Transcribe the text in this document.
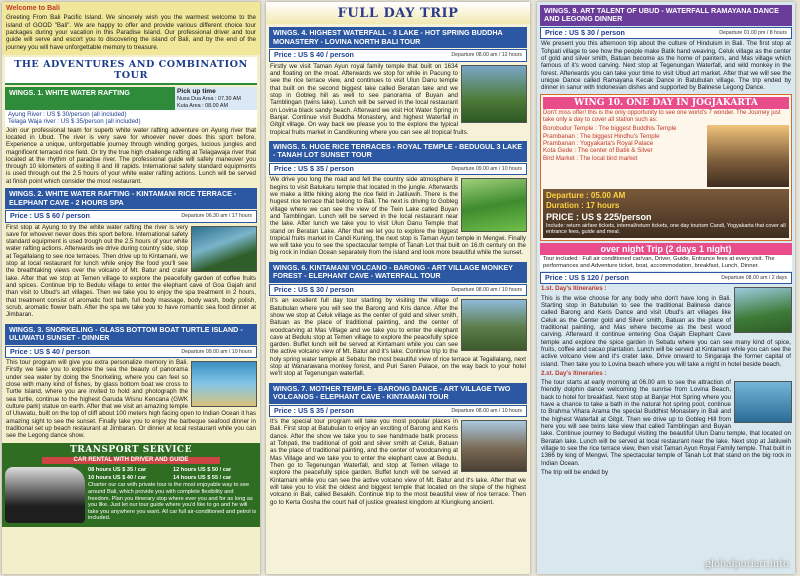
Welcome to Bali
Greeting From Bali Pacific Island. We sincerely wish you the warmest welcome to the island of GOOD "Bali". We are happy to offer and provide various different choice tour packages during your vacation in this Paradise Island. Our professional driver and tour guide will serve and escort you to discovering the island of Bali, and by the end of the journey you will have unforgettable memory to treasure.
THE ADVENTURES AND COMBINATION TOUR
WINGS. 1. WHITE WATER RAFTING	Pick up time
Nusa Dua Area : 07.30 AM
Kuta Area : 08.00 AM
Ayung River : US $ 30/person (all included)
Telaga Waja river : US $ 35/person (all included)
Join our professional team for superb white water rafting adventure on Ayung river that located in Ubud. The river is very save for whoever never does this sport before. Experience a unique, unforgettable journey through winding gorges, lucious jungles and magnificent terraced rice field. Or try the true high challenge rafting at Telagawaja river that located at the rhythm of paradise river. The professional guide will safely maneuver you through 10 kilometers of exiting II and III rapids. International safety standard equipments is used through out the 2.5 hours of your white water rafting actions. Lunch will be served at finish point which consider the most restaurant.
WINGS. 2. WHITE WATER RAFTING - KINTAMANI RICE TERRACE - ELEPHANT CAVE - 2 HOURS SPA
Price : US $ 60 / person	Departure 06.30 am / 17 hours
First stop at Ayung to try the white water rafting the river is very save for whoever never does this sport before. International safety standard equipment is used trough out the 2.5 hours of your white water rafting actions. Afterwards we drive during country side, stop at Tegallalang to see rice terraces. Then drive up to Kintamani, we stop at local restaurant for lunch while enjoy the food you'll see the breathtaking views over the volcano of Mt. Batur and crater lake. After that we stop at Temen village to explore the peacefully garden of coffee fruits and spices. Continue trip to Bedulu village to enter the elephant cave of Goa Gajah and than visit to Ubud's art villages. Then we take you to enjoy the spa treatment in 2 hours, that treatment consist of aromatic foot bath, full body massage, body wash, body polish, scrub, aromatic flower bath. After the spa we take you to have romantic sea food dinner at Jimbaran.
WINGS. 3. SNORKELING - GLASS BOTTOM BOAT TURTLE ISLAND - ULUWATU SUNSET - DINNER
Price : US $ 40 / person	Departure 09.00 am / 10 hours
This tour program will give you extra personalize memory in Bali. Firstly we take you to explore the sea the beauty of panorama under sea water by doing the Snorkeling, where you can feel so close with many kind of fishes, by glass bottom boat we cross to Turtle Island, where you are invited to hold and photograph the sea turtle, continue to the highest Garuda Wisnu Kencana (GWK culture park) statue on earth. After that we visit an amazing temple of Uluwatu, built on the top of cliff about 100 meters high facing open to Indian Ocean it has amazing sight to see the sunset. Finally take you to enjoy the barbeque seafood dinner in traditional set up beach restaurant at Jimbaran. Or dinner at local restaurant while you can see the Legong dance show.
TRANSPORT SERVICE
CAR RENTAL WITH DRIVER AND GUIDE
08 hours US $ 35 / car	12 hours US $ 50 / car
10 hours US $ 40 / car	14 hours US $ 55 / car
Charter our car with private tour is the most enjoyable way to see around Bali, which provide you with complete flexibility and freedom. Plan you itinerary stop where ever you and for as long as you like. Just let our tour guide where you'd like to go and he will take you anywhere you want. All car full air-conditioned and petrol is included.
FULL DAY TRIP
WINGS. 4. HIGHEST WATERFALL - 3 LAKE - HOT SPRING BUDDHA MONASTERY - LOVINA NORTH BALI TOUR
Price : US $ 40 / person	Departure 08.00 am / 12 hours
Firstly we visit Taman Ayun royal family temple that built on 1634 and floating on the moat. Afterwards we stop for while in Pacung to see the rice terrace view, and continues to visit Ulun Danu temple that built on the second biggest lake called Beratan lake and we stop in Gobleg hill as well to see panorama of Buyan and Tamblingan (twins lake). Lunch will be served in the local restaurant on Lovina black sandy beach. Afterward we visit Hot Water Spring in Banjar. Continue visit Buddha Monastery, and highest Waterfall in Gitgit village. On way back we please you to the explore the typical tropical fruits market in Candikuning where you can see all tropical fruits.
WINGS. 5. HUGE RICE TERRACES - ROYAL TEMPLE - BEDUGUL 3 LAKE - TANAH LOT SUNSET TOUR
Price : US $ 35 / person	Departure 09.00 am / 10 hours
We drive you long the road and fell the country side atmosphere it begins to visit Batukaru temple that located in the jungle. Afterwards we make a little hiking along the rice field in Jatiluwih. There is the hugest rice terrace that belong to Bali. The next is driving to Gobleg village where we can see the view of the Twin Lake called Buyan and Tamblingan. Lunch will be served in the local restaurant near the lake. After lunch we take you to visit Ulun Danu Temple that stand on Beratan Lake. After that we let you to explore the biggest tropical fruits market in Candi Kuning, the next stop is Taman Ayun temple in Mengwi. Finally we will take you to see the spectacular temple of Tanah Lot that built on 16.th century on the big rock in Indian Ocean separately from the island and look more beautiful while the sunset.
WINGS. 6. KINTAMANI VOLCANO - BARONG - ART VILLAGE MONKEY FOREST - ELEPHANT CAVE - WATERFALL TOUR
Price : US $ 30 / person	Departure 08.00 am / 10 hours
It's an excellent full day tour starting by visiting the village of Batubulan where you will see the Barong and Kris dance. After the show we stop at Celuk village as the center of gold and silver smith, Batuan as the place of traditional painting, and the center of woodcarving at Mas Village and we take you to enter the elephant cave at Bedulu stop at Temen village to explore the peacefully spice garden. Buffet lunch will be served at Kintamani while you can see the active volcano view of Mt. Batur and it's lake. Continue trip to the holy spring water temple at Sebatu the most beautiful view of rice terrace at Tegallalang, next stop at Wanarawana monkey forest, and Puri Saren Palace, on the way back to your hotel we'll stop at Tegenungan waterfall.
WINGS. 7. MOTHER TEMPLE - BARONG DANCE - ART VILLAGE TWO VOLCANOS - ELEPHANT CAVE - KINTAMANI TOUR
Price : US $ 35 / person	Departure 08.00 am / 10 hours
It's the special tour program will take you most popular places in Bali. First stop at Batubulan to enjoy an exciting of Barong and Keris dance. After the show we take you to see handmade batik process at Tohpati, the traditional of gold and silver smith at Celuk, Batuan as the place of traditional painting, and the center of woodcarving at Mas Village and we take you to enter the elephant cave at Bedulu. Then go to Tegenungan Waterfall, and stop at Temen village to explore the peacefully spice garden. Buffet lunch will be served at Kintamani while you can see the active volcano view of Mt. Batur and it's lake. After that we will take you to visit the oldest and biggest temple that located on the slope of the highest volcano in Bali, called Besakih. Continue trip to the most beautiful view of rice terrace. Then go to Kerta Gosha the court hall of justice greatest kingdom at Klungkung ancient.
WINGS. 9. ART TALENT OF UBUD - WATERFALL RAMAYANA DANCE AND LEGONG DINNER
Price : US $ 30 / person	Departure 01.00 pm / 8 hours
We present you this afternoon trip about the culture of Hinduism in Bali. The first stop at Tohpati village to see how the people make Batik hand weaving, Celuk village as the center of gold and silver smith, Batuan become as the home of painters, and Mas village which famous of it's wood carving. Next stop at Tegenungan Waterfall, and wild monkey in the forest. Afterwards you can take your time to visit Ubud art market. After that we will see the unique Dance called Ramayana Kecak Dance in Batubulan village. The trip ended by dinner in sanur with Indonesian dishes and supported by Balinese Legong Dance.
WING 10. ONE DAY IN JOGJAKARTA
Don't miss offer! this is the only opportunity to see one world's 7 wonder. The Journey just take only a day to cover all station such as:
Borobudur Temple : The biggest Buddhis Temple
Prambanan : The biggest Hindhu's Temple
Prambanan : Yogyakarta's Royal Palace
Kota Gede : The center of Batik & Silver
Bird Market : The local bird market
Departure : 05.00 AM
Duration : 17 hours
PRICE : US $ 225/person
Include: return airfare tickets, internal/return tickets, one day tourism Candi, Yogyakarta that cover all entrance fees, guide and meal.
over night Trip (2 days 1 night)
Tour included : Full air conditioned car/van, Driver, Guide, Entrance fees at every visit. The performances and Adventure ticket, boat, accommodation, breakfast, Lunch, Dinner.
Price : US $ 120 / person	Departure 08.00 am / 2 days
1.st. Day's Itineraries :
This is the wise choose for any body who don't have long in Bali. Starting stop in Batubulan to see the traditional Balinese dance called Barong and Keris Dance and visit Ubud's art villages like Celuk as the Center gold and Silver smith, Batuan as the place of traditional painting, and Mas where become as the best wood carving. Afterward it continue entering Goa Gajah Elephant Cave temple and explore the spice garden in Sebatu where you can see many kind of spice, fruits, coffee and cacao plantation. Lunch will be served at Kintamani while you can see the active volcano view and it's crater lake. Drive onward to Singaraja the former capital of island. Then take you to Lovina beach where you will take a night in hotel beside beach.
2.st. Day's Itineraries :
The tour starts at early morning at 06.00 am to see the attraction of friendly dolphin dance welcoming the sunrise from Lovina Beach, back to hotel for breakfast. Next stop at Banjar Hot Spring where you have a chance to take a bath in the natural hot spring pool, continue to Brahma Vihara Arama the special Buddhist Monastery in Bali and the highest Waterfall at Gitgit. Then we drive up to Gobleg Hill from here you will see twins lake view that called Tamblingan and Buyan lake. Continue journey to Bedugul visiting the beautiful Ulun Danu temple, that located on Beratan lake. Lunch will be served at local restaurant near the lake. Next stop at Jatiluwih village to see the rice terrace view, then visit Taman Ayun Royal Family temple. That built in 1366 by king of Mengwi. The spectacular temple of Tanah Lot that stand on the big rock in Indian Ocean.
The trip will be ended by
globalpuriart.info
